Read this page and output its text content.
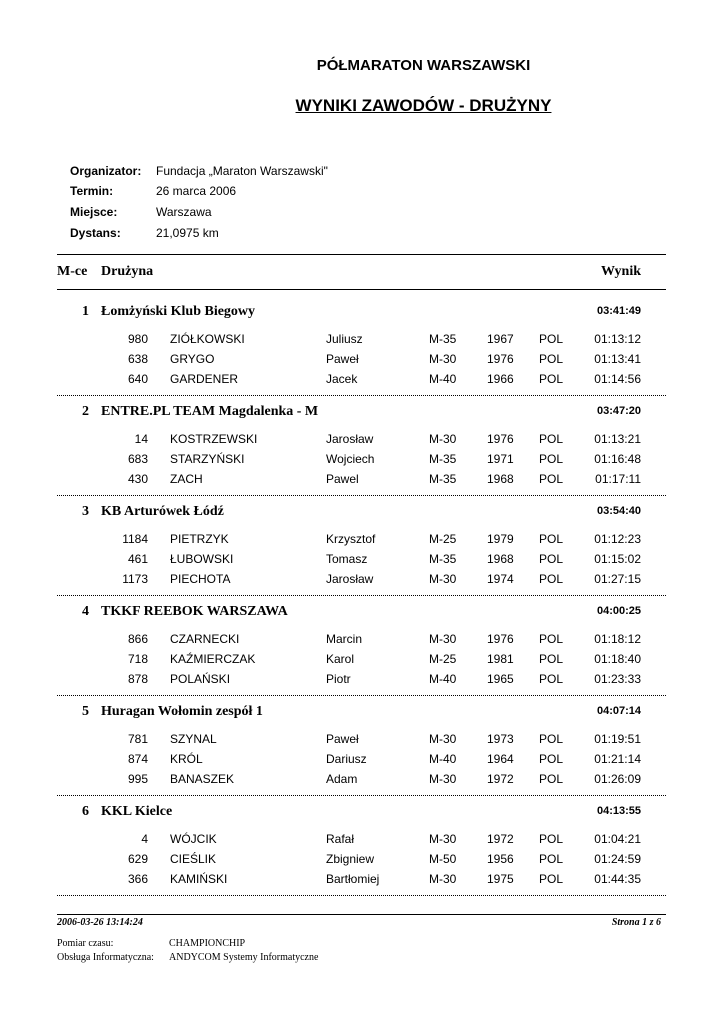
PÓŁMARATON WARSZAWSKI
WYNIKI ZAWODÓW - DRUŻYNY
Organizator: Fundacja „Maraton Warszawski"
Termin:	26 marca 2006
Miejsce:	Warszawa
Dystans:	21,0975 km
M-ce Drużyna	Wynik
1 Łomżyński Klub Biegowy	03:41:49
980 ZIÓŁKOWSKI	Juliusz	M-35	1967 POL	01:13:12
638 GRYGO	Paweł	M-30	1976 POL	01:13:41
640 GARDENER	Jacek	M-40	1966 POL	01:14:56
2 ENTRE.PL TEAM Magdalenka - M	03:47:20
14 KOSTRZEWSKI	Jarosław	M-30	1976 POL	01:13:21
683 STARZYŃSKI	Wojciech	M-35	1971 POL	01:16:48
430 ZACH	Pawel	M-35	1968 POL	01:17:11
3 KB Arturówek Łódź	03:54:40
1184 PIETRZYK	Krzysztof	M-25	1979 POL	01:12:23
461 ŁUBOWSKI	Tomasz	M-35	1968 POL	01:15:02
1173 PIECHOTA	Jarosław	M-30	1974 POL	01:27:15
4 TKKF REEBOK WARSZAWA	04:00:25
866 CZARNECKI	Marcin	M-30	1976 POL	01:18:12
718 KAŹMIERCZAK	Karol	M-25	1981 POL	01:18:40
878 POLAŃSKI	Piotr	M-40	1965 POL	01:23:33
5 Huragan Wołomin zespół 1	04:07:14
781 SZYNAL	Paweł	M-30	1973 POL	01:19:51
874 KRÓL	Dariusz	M-40	1964 POL	01:21:14
995 BANASZEK	Adam	M-30	1972 POL	01:26:09
6 KKL Kielce	04:13:55
4 WÓJCIK	Rafał	M-30	1972 POL	01:04:21
629 CIEŚLIK	Zbigniew	M-50	1956 POL	01:24:59
366 KAMIŃSKI	Bartłomiej	M-30	1975 POL	01:44:35
2006-03-26 13:14:24	Strona 1 z 6
Pomiar czasu:	CHAMPIONCHIP
Obsługa Informatyczna: ANDYCOM Systemy Informatyczne
